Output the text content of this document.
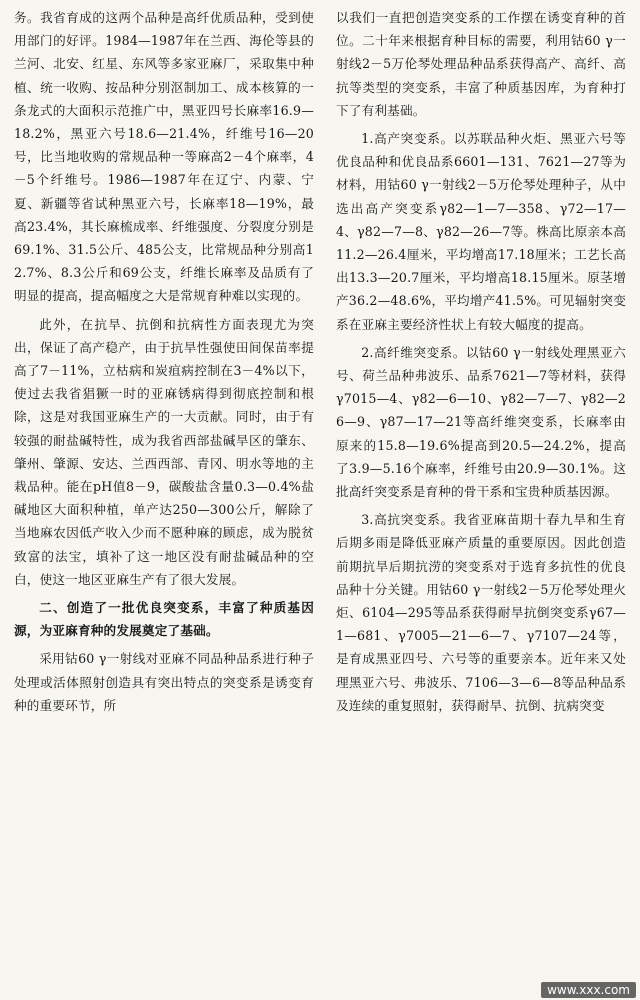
务。我省育成的这两个品种是高纤优质品种，受到使用部门的好评。1984—1987年在兰西、海伦等县的兰河、北安、红星、东风等多家亚麻厂，采取集中种植、统一收购、按品种分别沤制加工、成本核算的一条龙式的大面积示范推广中，黑亚四号长麻率16.9—18.2%，黑亚六号18.6—21.4%，纤维号16—20号，比当地收购的常规品种一等麻高2－4个麻率，4－5个纤维号。1986—1987年在辽宁、内蒙、宁夏、新疆等省试种黑亚六号，长麻率18—19%，最高23.4%，其长麻梳成率、纤维强度、分裂度分别是69.1%、31.5公斤、485公支，比常规品种分别高12.7%、8.3公斤和69公支，纤维长麻率及品质有了明显的提高，提高幅度之大是常规育种难以实现的。

此外，在抗旱、抗倒和抗病性方面表现尤为突出，保证了高产稳产，由于抗旱性强使田间保苗率提高了7－11%，立枯病和炭疽病控制在3－4%以下，使过去我省猖獗一时的亚麻锈病得到彻底控制和根除，这是对我国亚麻生产的一大贡献。同时，由于有较强的耐盐碱特性，成为我省西部盐碱旱区的肇东、肇州、肇源、安达、兰西西部、青冈、明水等地的主栽品种。能在pH值8－9，碳酸盐含量0.3—0.4%盐碱地区大面积种植，单产达250—300公斤，解除了当地麻农因低产收入少而不愿种麻的顾虑，成为脱贫致富的法宝，填补了这一地区没有耐盐碱品种的空白，使这一地区亚麻生产有了很大发展。

二、创造了一批优良突变系，丰富了种质基因源，为亚麻育种的发展奠定了基础。

采用钴60 γ一射线对亚麻不同品种品系进行种子处理或活体照射创造具有突出特点的突变系是诱变育种的重要环节，所

以我们一直把创造突变系的工作摆在诱变育种的首位。二十年来根据育种目标的需要，利用钴60 γ一射线2－5万伦琴处理品种品系获得高产、高纤、高抗等类型的突变系，丰富了种质基因库，为育种打下了有利基础。

1.高产突变系。以苏联品种火炬、黑亚六号等优良品种和优良品系6601—131、7621—27等为材料，用钴60 γ一射线2－5万伦琴处理种子，从中选出高产突变系γ82—1—7—358、γ72—17—4、γ82—7—8、γ82—26—7等。株高比原亲本高11.2—26.4厘米，平均增高17.18厘米；工艺长高出13.3—20.7厘米，平均增高18.15厘米。原茎增产36.2—48.6%，平均增产41.5%。可见辐射突变系在亚麻主要经济性状上有较大幅度的提高。

2.高纤维突变系。以钴60 γ一射线处理黑亚六号、荷兰品种弗波乐、品系7621—7等材料，获得γ7015—4、γ82—6—10、γ82—7—7、γ82—26—9、γ87—17—21等高纤维突变系，长麻率由原来的15.8—19.6%提高到20.5—24.2%，提高了3.9—5.16个麻率，纤维号由20.9—30.1%。这批高纤突变系是育种的骨干系和宝贵种质基因源。

3.高抗突变系。我省亚麻苗期十春九旱和生育后期多雨是降低亚麻产质量的重要原因。因此创造前期抗旱后期抗涝的突变系对于选育多抗性的优良品种十分关键。用钴60 γ一射线2－5万伦琴处理火炬、6104—295等品系获得耐旱抗倒突变系γ67—1—681、γ7005—21—6—7、γ7107—24等，是育成黑亚四号、六号等的重要亲本。近年来又处理黑亚六号、弗波乐、7106—3—6—8等品种品系及连续的重复照射，获得耐旱、抗倒、抗病突变

www.xxx.com
